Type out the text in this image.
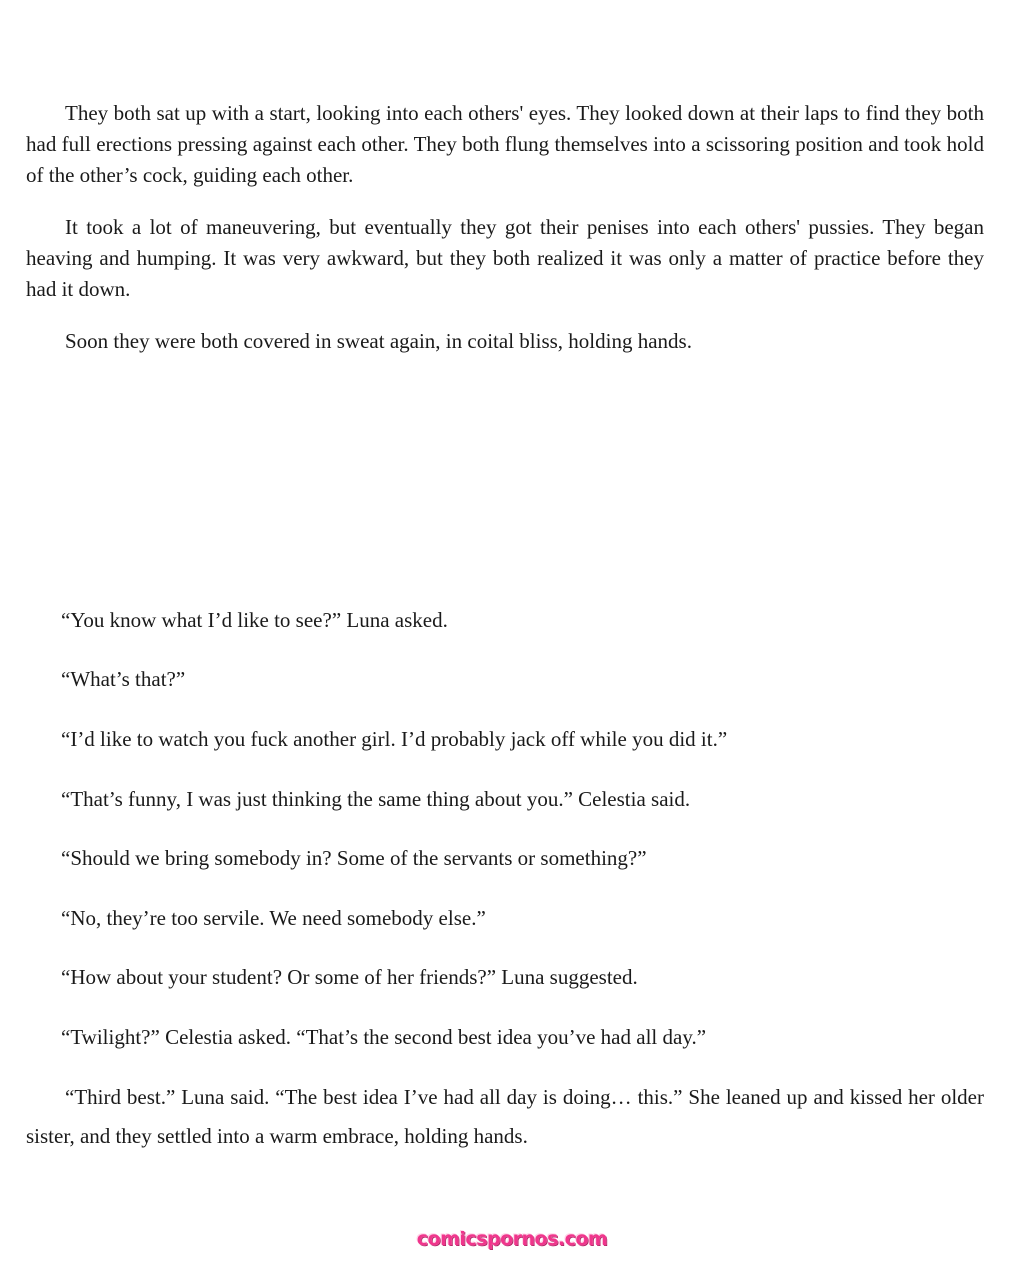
They both sat up with a start, looking into each others' eyes. They looked down at their laps to find they both had full erections pressing against each other. They both flung themselves into a scissoring position and took hold of the other’s cock, guiding each other.

It took a lot of maneuvering, but eventually they got their penises into each others' pussies. They began heaving and humping. It was very awkward, but they both realized it was only a matter of practice before they had it down.

Soon they were both covered in sweat again, in coital bliss, holding hands.

“You know what I’d like to see?” Luna asked.

“What’s that?”

“I’d like to watch you fuck another girl. I’d probably jack off while you did it.”

“That’s funny, I was just thinking the same thing about you.” Celestia said.

“Should we bring somebody in? Some of the servants or something?”

“No, they’re too servile. We need somebody else.”

“How about your student? Or some of her friends?” Luna suggested.

“Twilight?” Celestia asked. “That’s the second best idea you’ve had all day.”

“Third best.” Luna said. “The best idea I’ve had all day is doing… this.” She leaned up and kissed her older sister, and they settled into a warm embrace, holding hands.

comicspornos.com
